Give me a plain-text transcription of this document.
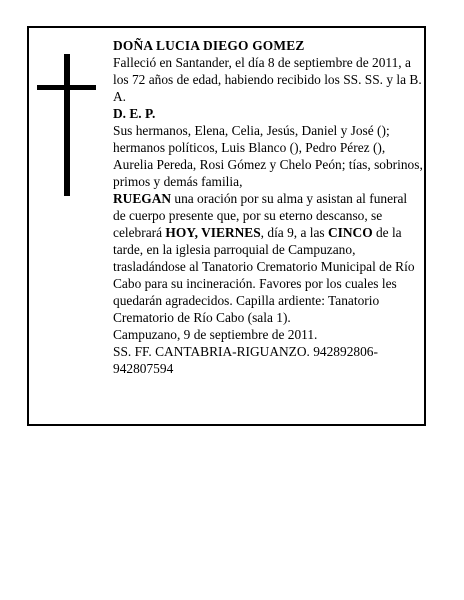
DOÑA LUCIA DIEGO GOMEZ

Falleció en Santander, el día 8 de septiembre de 2011, a los 72 años de edad, habiendo recibido los SS. SS. y la B. A.

D. E. P.

Sus hermanos, Elena, Celia, Jesús, Daniel y José (); hermanos políticos, Luis Blanco (), Pedro Pérez (), Aurelia Pereda, Rosi Gómez y Chelo Peón; tías, sobrinos, primos y demás familia,

RUEGAN una oración por su alma y asistan al funeral de cuerpo presente que, por su eterno descanso, se celebrará HOY, VIERNES, día 9, a las CINCO de la tarde, en la iglesia parroquial de Campuzano, trasladándose al Tanatorio Crematorio Municipal de Río Cabo para su incineración. Favores por los cuales les quedarán agradecidos. Capilla ardiente: Tanatorio Crematorio de Río Cabo (sala 1).

Campuzano, 9 de septiembre de 2011.

SS. FF. CANTABRIA-RIGUANZO. 942892806-942807594
